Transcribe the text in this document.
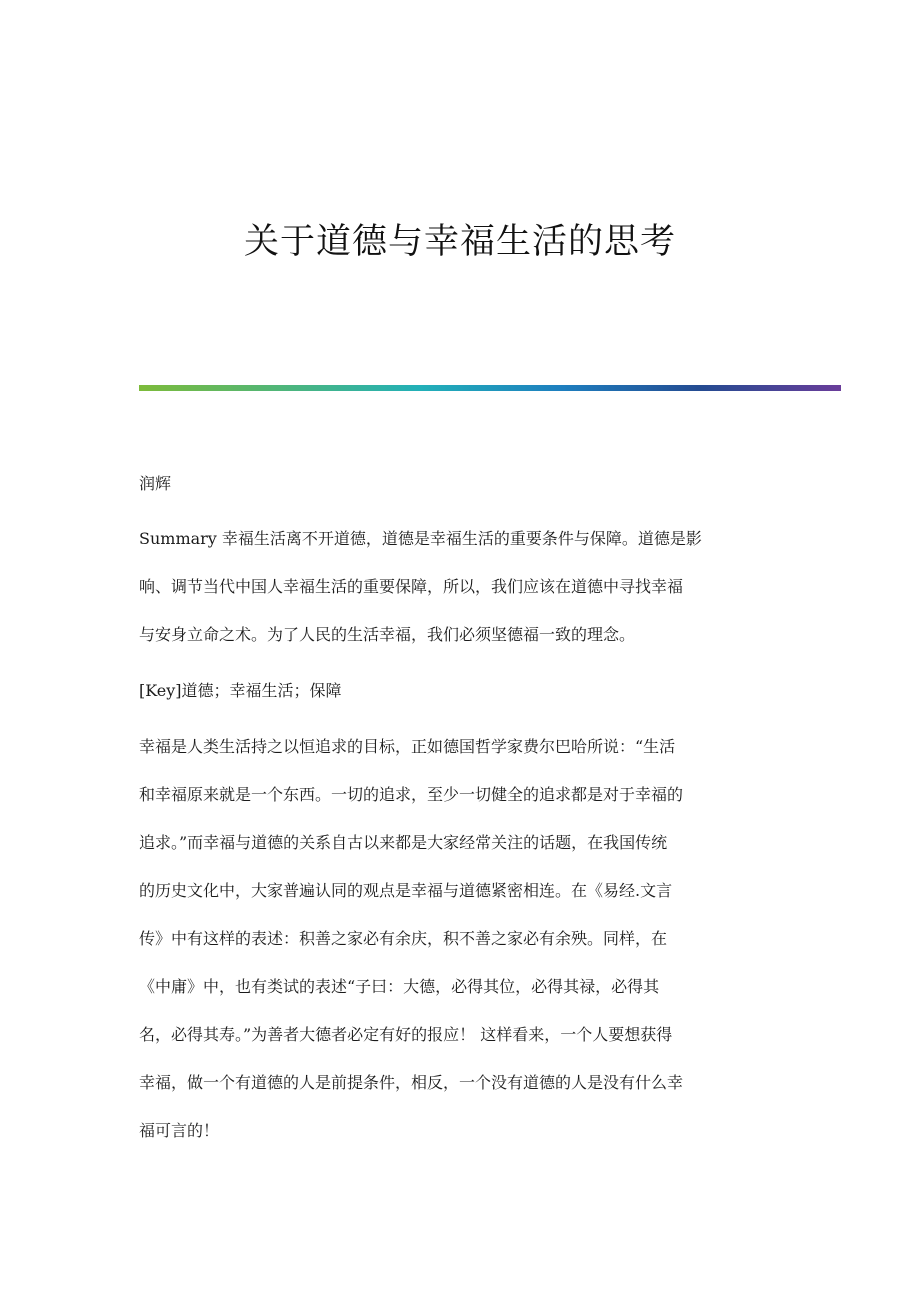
关于道德与幸福生活的思考

润辉

Summary 幸福生活离不开道德，道德是幸福生活的重要条件与保障。道德是影
响、调节当代中国人幸福生活的重要保障，所以，我们应该在道德中寻找幸福
与安身立命之术。为了人民的生活幸福，我们必须坚德福一致的理念。

[Key]道德；幸福生活；保障

幸福是人类生活持之以恒追求的目标，正如德国哲学家费尔巴哈所说：“生活
和幸福原来就是一个东西。一切的追求，至少一切健全的追求都是对于幸福的
追求。”而幸福与道德的关系自古以来都是大家经常关注的话题，在我国传统
的历史文化中，大家普遍认同的观点是幸福与道德紧密相连。在《易经.文言
传》中有这样的表述：积善之家必有余庆，积不善之家必有余殃。同样，在
《中庸》中，也有类试的表述“子曰：大德，必得其位，必得其禄，必得其
名，必得其寿。”为善者大德者必定有好的报应！ 这样看来，一个人要想获得
幸福，做一个有道德的人是前提条件，相反，一个没有道德的人是没有什么幸
福可言的！
